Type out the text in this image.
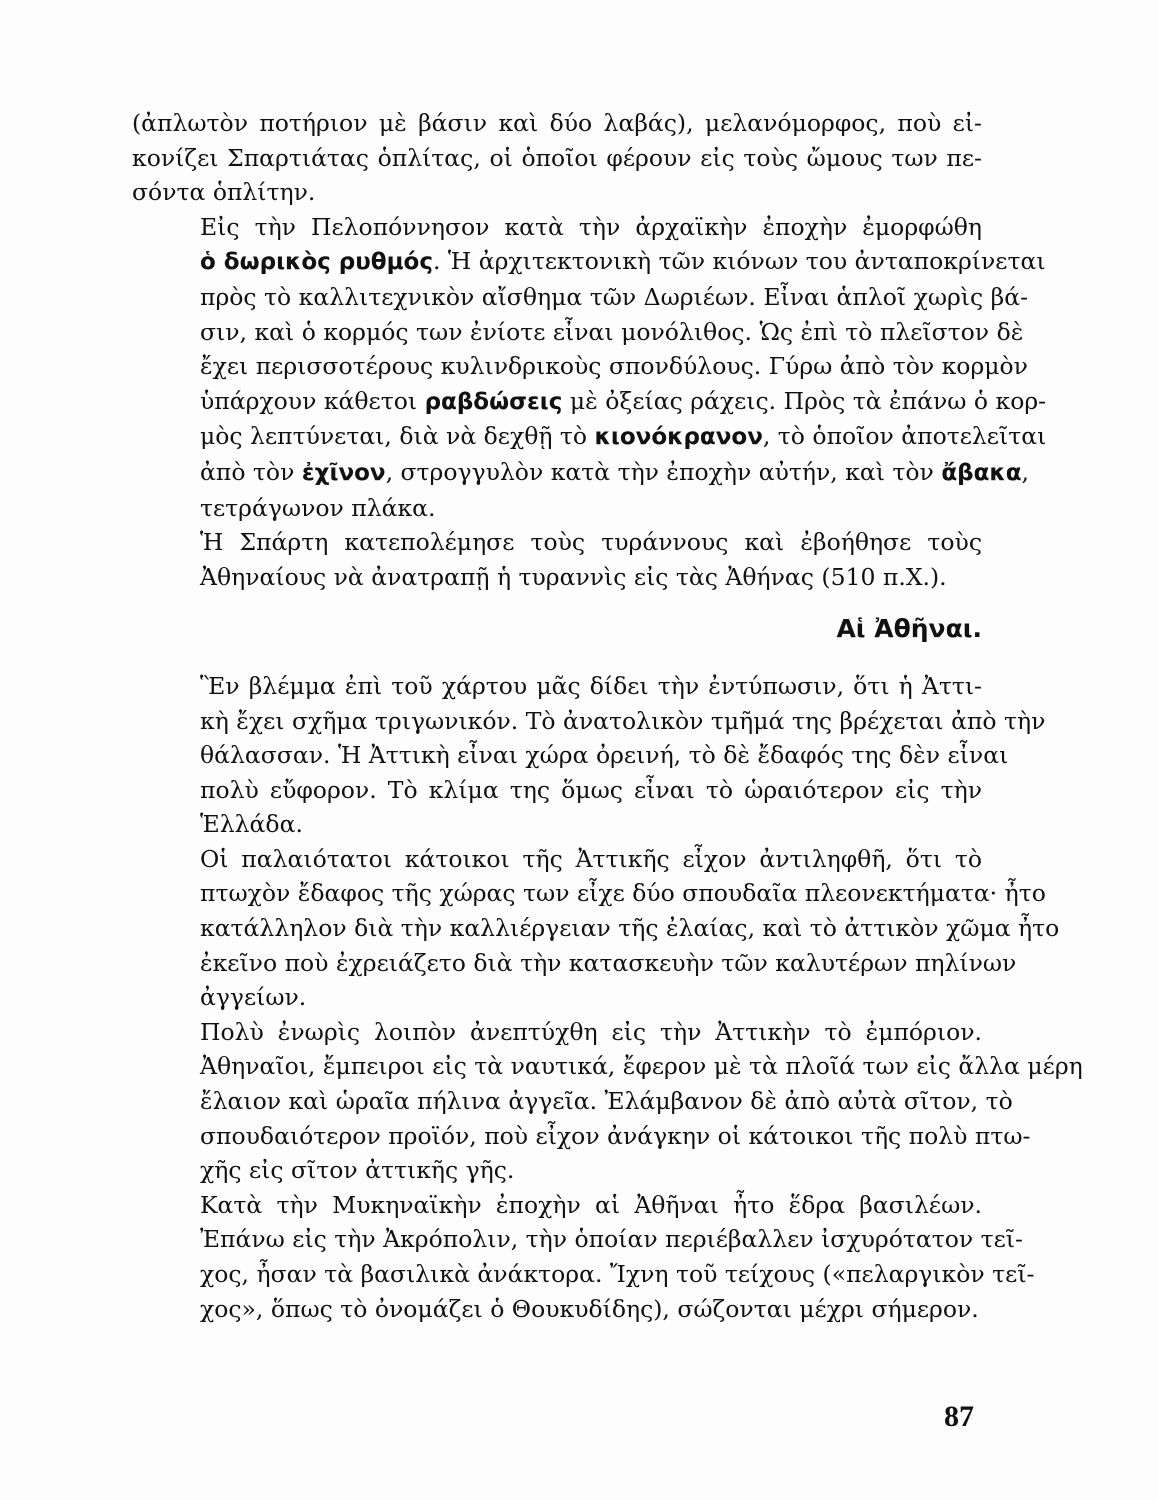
(ἀπλωτὸν ποτήριον μὲ βάσιν καὶ δύο λαβάς), μελανόμορφος, ποὺ εἰ-
κονίζει Σπαρτιάτας ὁπλίτας, οἱ ὁποῖοι φέρουν εἰς τοὺς ὤμους των πε-
σόντα ὁπλίτην.
Εἰς τὴν Πελοπόννησον κατὰ τὴν ἀρχαϊκὴν ἐποχὴν ἐμορφώθη
ὁ δωρικὸς ρυθμός. Ἡ ἀρχιτεκτονικὴ τῶν κιόνων του ἀνταποκρίνεται
πρὸς τὸ καλλιτεχνικὸν αἴσθημα τῶν Δωριέων. Εἶναι ἁπλοῖ χωρὶς βά-
σιν, καὶ ὁ κορμός των ἐνίοτε εἶναι μονόλιθος. Ὡς ἐπὶ τὸ πλεῖστον δὲ
ἔχει περισσοτέρους κυλινδρικοὺς σπονδύλους. Γύρω ἀπὸ τὸν κορμὸν
ὑπάρχουν κάθετοι ραβδώσεις μὲ ὀξείας ράχεις. Πρὸς τὰ ἐπάνω ὁ κορ-
μὸς λεπτύνεται, διὰ νὰ δεχθῇ τὸ κιονόκρανον, τὸ ὁποῖον ἀποτελεῖται
ἀπὸ τὸν ἐχῖνον, στρογγυλὸν κατὰ τὴν ἐποχὴν αὐτήν, καὶ τὸν ἄβακα,
τετράγωνον πλάκα.
Ἡ Σπάρτη κατεπολέμησε τοὺς τυράννους καὶ ἐβοήθησε τοὺς
Ἀθηναίους νὰ ἀνατραπῇ ἡ τυραννὶς εἰς τὰς Ἀθήνας (510 π.Χ.).
Αἱ Ἀθῆναι.
Ἓν βλέμμα ἐπὶ τοῦ χάρτου μᾶς δίδει τὴν ἐντύπωσιν, ὅτι ἡ Ἀττι-
κὴ ἔχει σχῆμα τριγωνικόν. Τὸ ἀνατολικὸν τμῆμά της βρέχεται ἀπὸ τὴν
θάλασσαν. Ἡ Ἀττικὴ εἶναι χώρα ὀρεινή, τὸ δὲ ἔδαφός της δὲν εἶναι
πολὺ εὔφορον. Τὸ κλίμα της ὅμως εἶναι τὸ ὡραιότερον εἰς τὴν
Ἑλλάδα.
Οἱ παλαιότατοι κάτοικοι τῆς Ἀττικῆς εἶχον ἀντιληφθῆ, ὅτι τὸ
πτωχὸν ἔδαφος τῆς χώρας των εἶχε δύο σπουδαῖα πλεονεκτήματα· ἦτο
κατάλληλον διὰ τὴν καλλιέργειαν τῆς ἐλαίας, καὶ τὸ ἀττικὸν χῶμα ἦτο
ἐκεῖνο ποὺ ἐχρειάζετο διὰ τὴν κατασκευὴν τῶν καλυτέρων πηλίνων
ἀγγείων.
Πολὺ ἐνωρὶς λοιπὸν ἀνεπτύχθη εἰς τὴν Ἀττικὴν τὸ ἐμπόριον.
Ἀθηναῖοι, ἔμπειροι εἰς τὰ ναυτικά, ἔφερον μὲ τὰ πλοῖά των εἰς ἄλλα μέρη
ἔλαιον καὶ ὡραῖα πήλινα ἀγγεῖα. Ἐλάμβανον δὲ ἀπὸ αὐτὰ σῖτον, τὸ
σπουδαιότερον προϊόν, ποὺ εἶχον ἀνάγκην οἱ κάτοικοι τῆς πολὺ πτω-
χῆς εἰς σῖτον ἀττικῆς γῆς.
Κατὰ τὴν Μυκηναϊκὴν ἐποχὴν αἱ Ἀθῆναι ἦτο ἕδρα βασιλέων.
Ἐπάνω εἰς τὴν Ἀκρόπολιν, τὴν ὁποίαν περιέβαλλεν ἰσχυρότατον τεῖ-
χος, ἦσαν τὰ βασιλικὰ ἀνάκτορα. Ἴχνη τοῦ τείχους («πελαργικὸν τεῖ-
χος», ὅπως τὸ ὀνομάζει ὁ Θουκυδίδης), σώζονται μέχρι σήμερον.
87
